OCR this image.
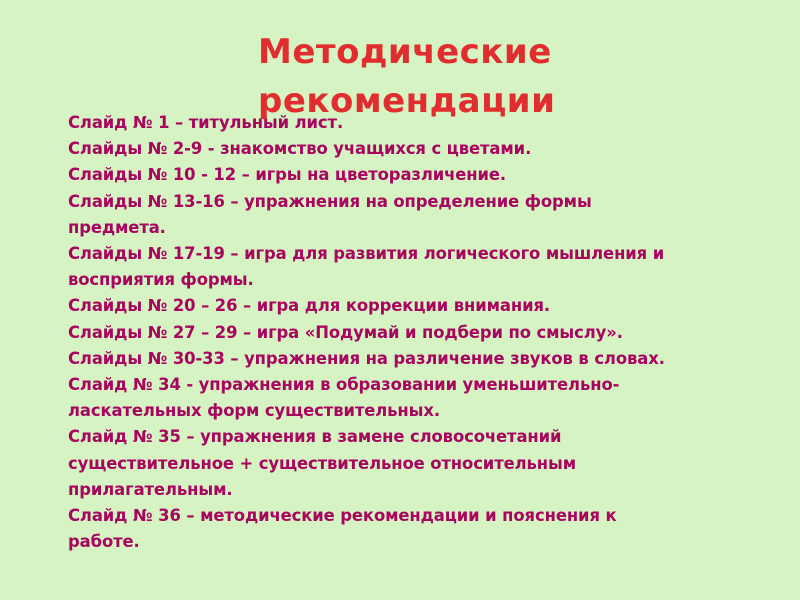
Слайд № 1 – титульный лист.
Слайды № 2-9 - знакомство учащихся с цветами.
Слайды № 10 - 12 – игры на цветоразличение.
Слайды № 13-16 – упражнения на определение формы
предмета.
Слайды № 17-19 – игра для развития логического мышления и
восприятия формы.
Слайды № 20 – 26 – игра для коррекции внимания.
Слайды № 27 – 29 – игра «Подумай и подбери по смыслу».
Слайды № 30-33 – упражнения на различение звуков в словах.
Слайд № 34 - упражнения в образовании уменьшительно-
ласкательных форм существительных.
Слайд № 35 – упражнения в замене словосочетаний
существительное + существительное относительным
прилагательным.
Слайд № 36 – методические рекомендации и пояснения к
работе.
Методические
рекомендации
